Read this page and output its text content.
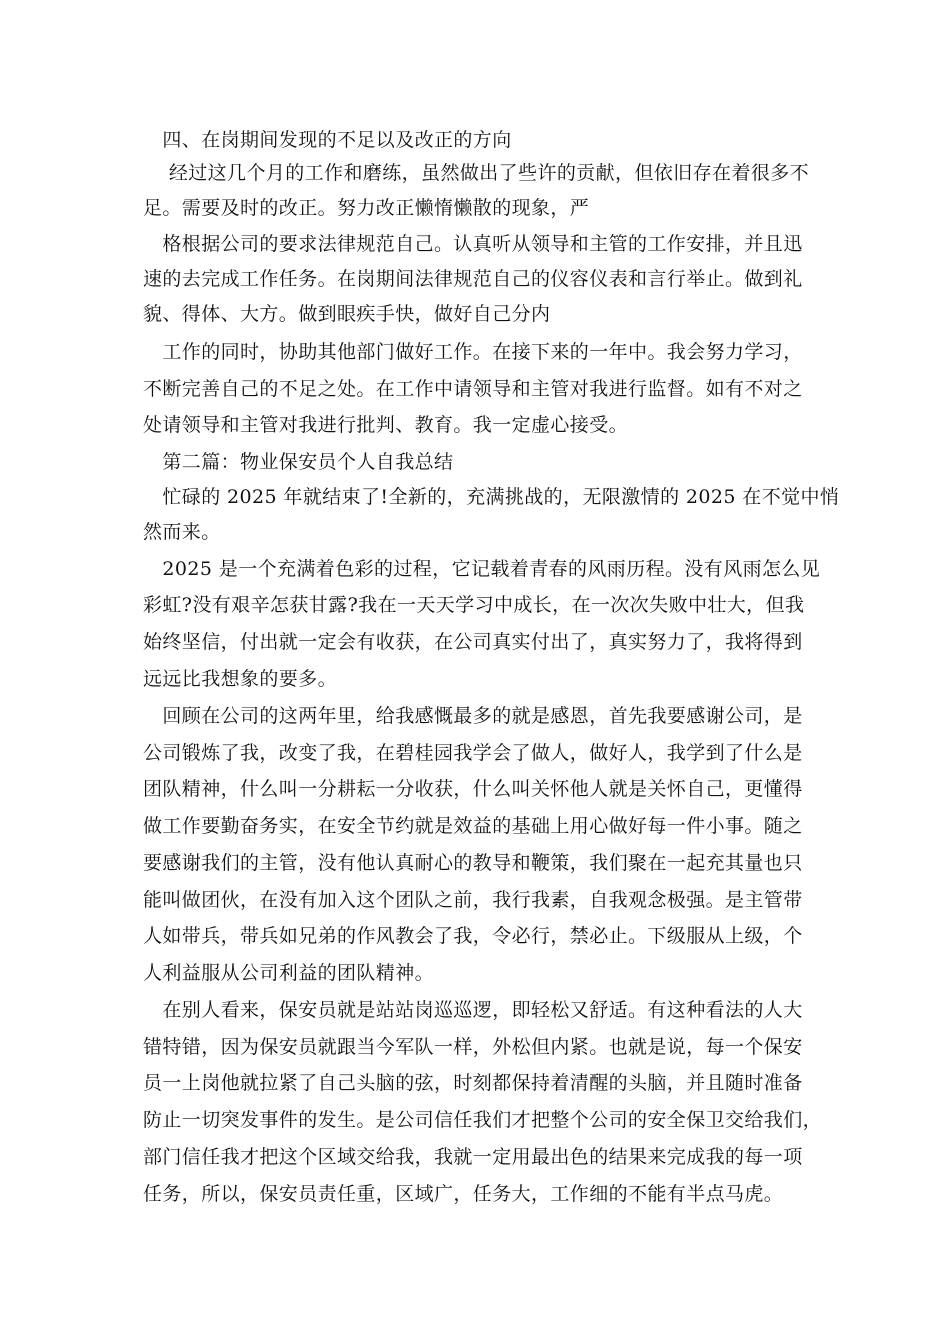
　四、在岗期间发现的不足以及改正的方向
　 经过这几个月的工作和磨练，虽然做出了些许的贡献，但依旧存在着很多不
足。需要及时的改正。努力改正懒惰懒散的现象，严
　格根据公司的要求法律规范自己。认真听从领导和主管的工作安排，并且迅
速的去完成工作任务。在岗期间法律规范自己的仪容仪表和言行举止。做到礼
貌、得体、大方。做到眼疾手快，做好自己分内
　工作的同时，协助其他部门做好工作。在接下来的一年中。我会努力学习，
不断完善自己的不足之处。在工作中请领导和主管对我进行监督。如有不对之
处请领导和主管对我进行批判、教育。我一定虚心接受。
　第二篇：物业保安员个人自我总结
　忙碌的 2025 年就结束了!全新的，充满挑战的，无限激情的 2025 在不觉中悄
然而来。
　2025 是一个充满着色彩的过程，它记载着青春的风雨历程。没有风雨怎么见
彩虹?没有艰辛怎获甘露?我在一天天学习中成长，在一次次失败中壮大，但我
始终坚信，付出就一定会有收获，在公司真实付出了，真实努力了，我将得到
远远比我想象的要多。
　回顾在公司的这两年里，给我感慨最多的就是感恩，首先我要感谢公司，是
公司锻炼了我，改变了我，在碧桂园我学会了做人，做好人，我学到了什么是
团队精神，什么叫一分耕耘一分收获，什么叫关怀他人就是关怀自己，更懂得
做工作要勤奋务实，在安全节约就是效益的基础上用心做好每一件小事。随之
要感谢我们的主管，没有他认真耐心的教导和鞭策，我们聚在一起充其量也只
能叫做团伙，在没有加入这个团队之前，我行我素，自我观念极强。是主管带
人如带兵，带兵如兄弟的作风教会了我，令必行，禁必止。下级服从上级，个
人利益服从公司利益的团队精神。
　在别人看来，保安员就是站站岗巡巡逻，即轻松又舒适。有这种看法的人大
错特错，因为保安员就跟当今军队一样，外松但内紧。也就是说，每一个保安
员一上岗他就拉紧了自己头脑的弦，时刻都保持着清醒的头脑，并且随时准备
防止一切突发事件的发生。是公司信任我们才把整个公司的安全保卫交给我们，
部门信任我才把这个区域交给我，我就一定用最出色的结果来完成我的每一项
任务，所以，保安员责任重，区域广，任务大，工作细的不能有半点马虎。
